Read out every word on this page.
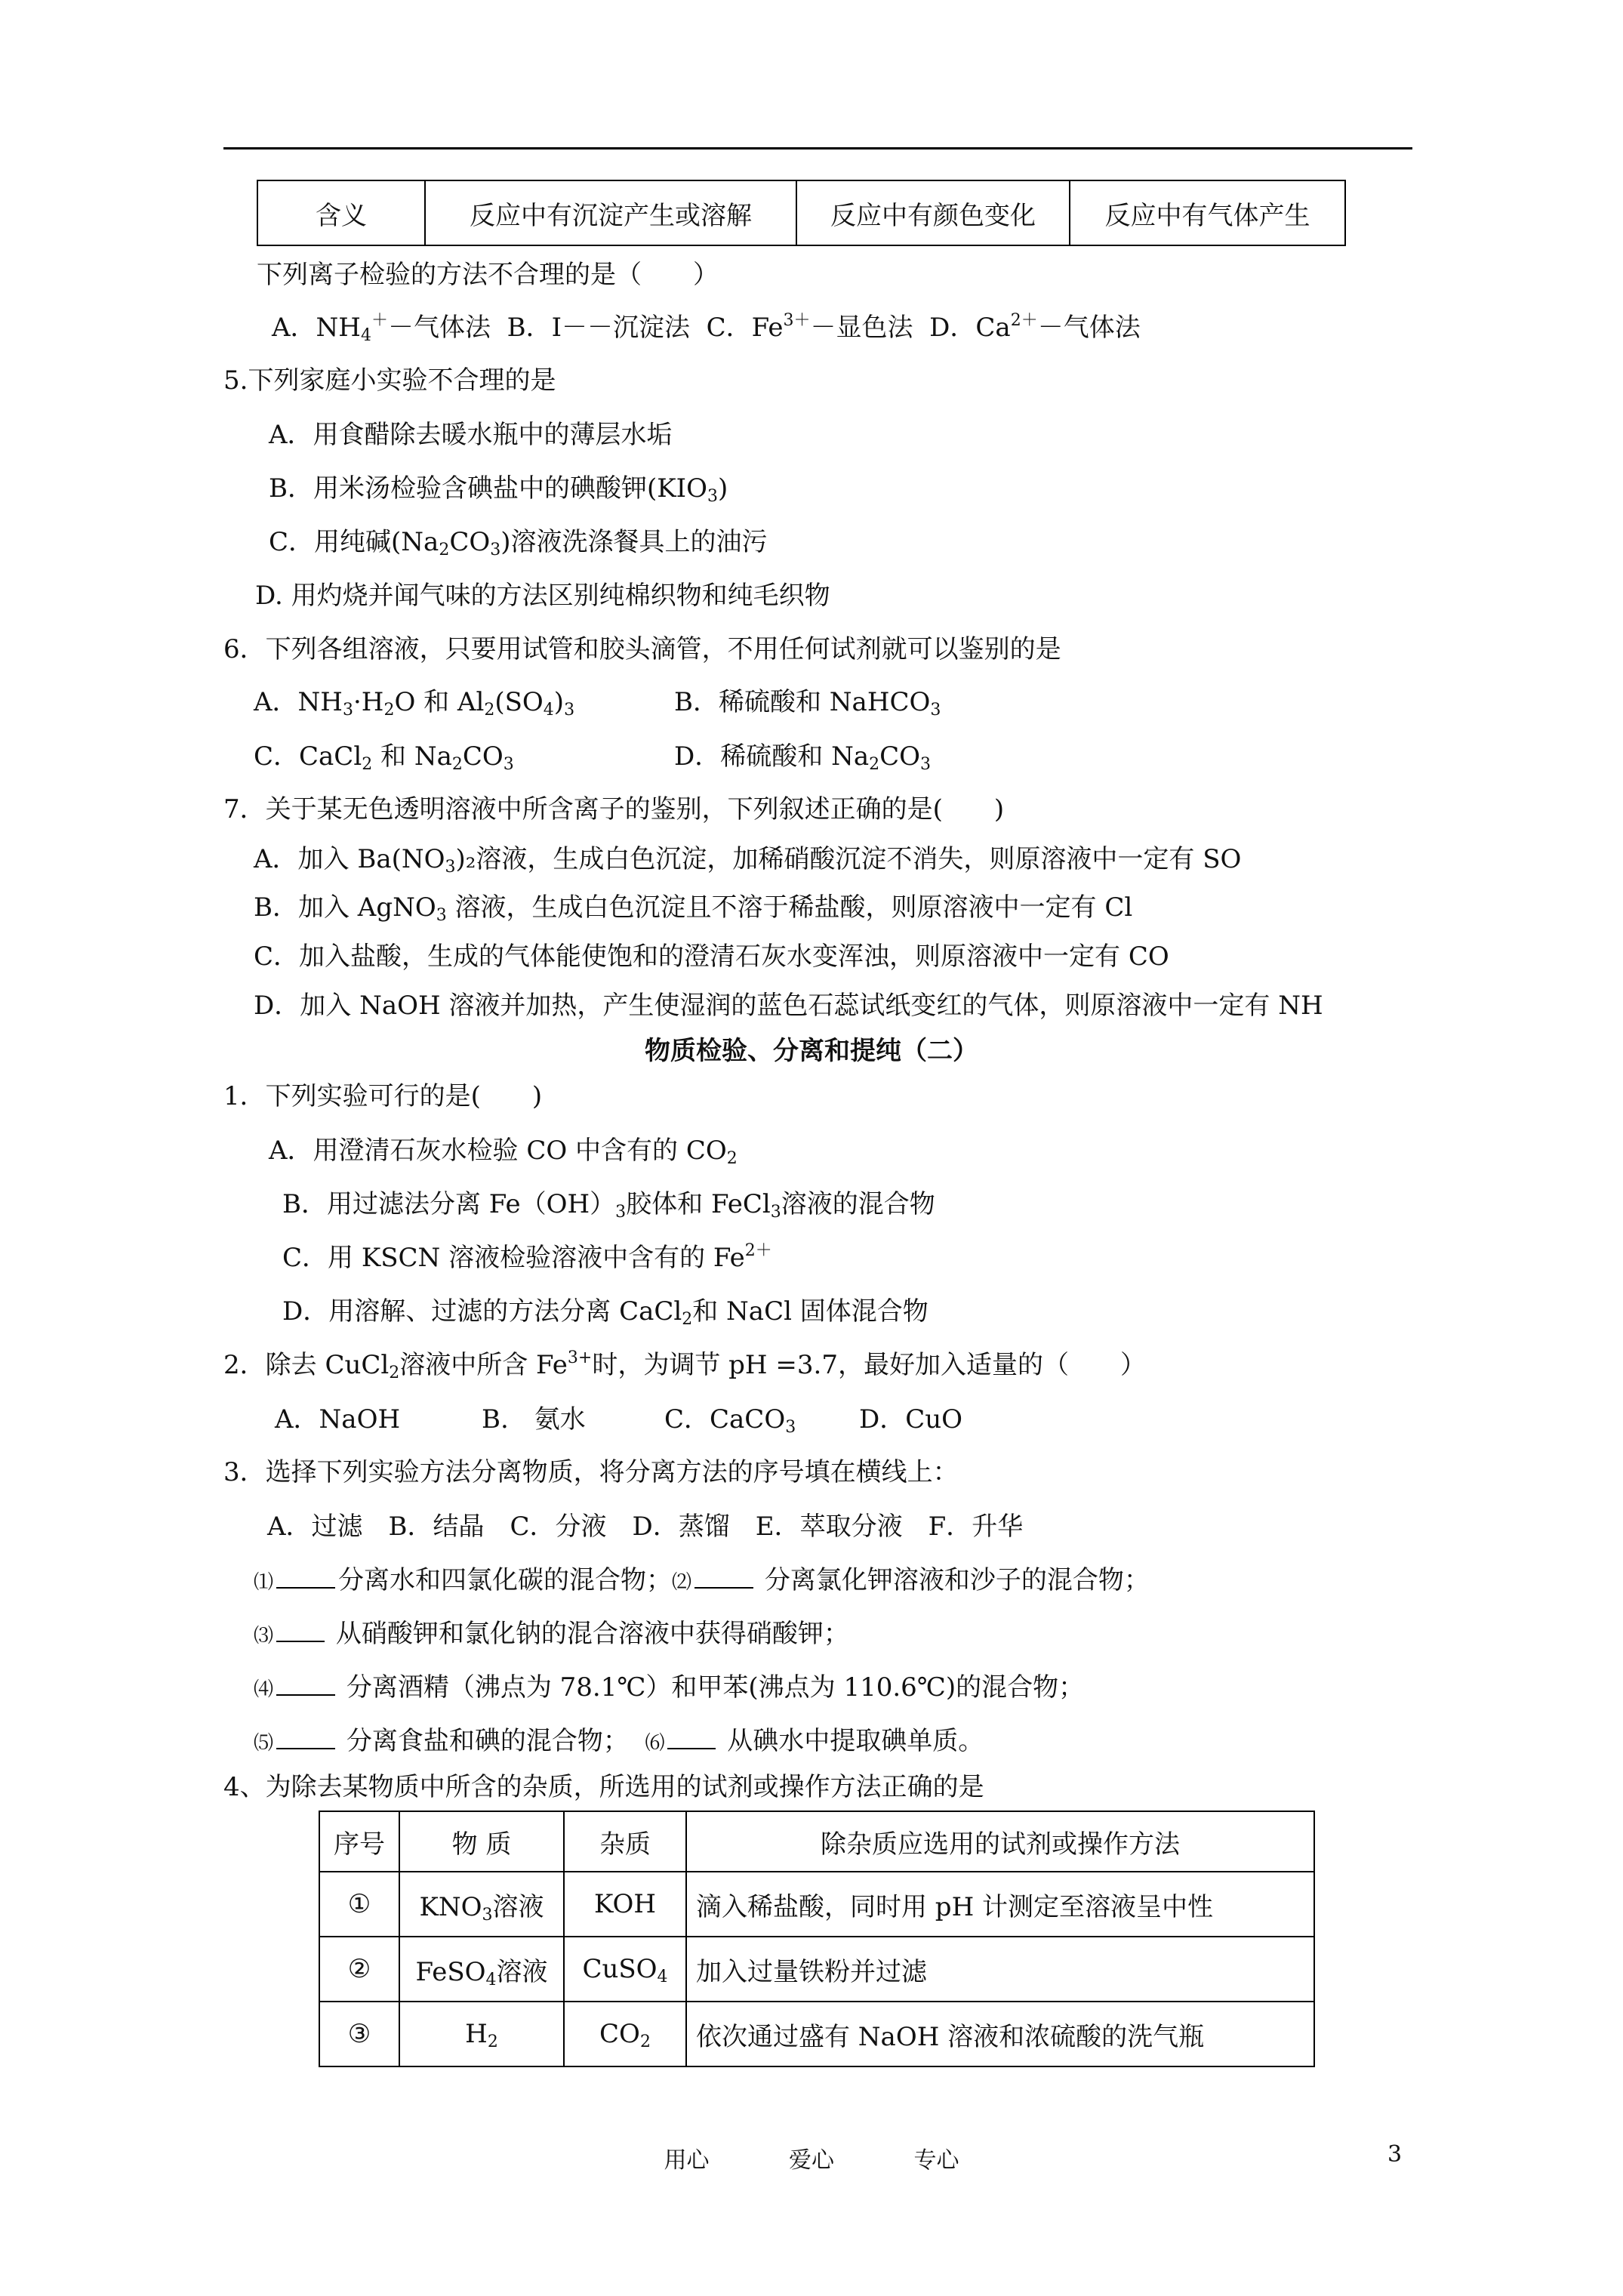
含义	反应中有沉淀产生或溶解	反应中有颜色变化	反应中有气体产生
下列离子检验的方法不合理的是（　　）
A．$NH_4^+-$气体法 B．I－－沉淀法 C．$Fe^{3+}-$显色法 D．$Ca^{2+}-$气体法
5.下列家庭小实验不合理的是
A．用食醋除去暖水瓶中的薄层水垢
B．用米汤检验含碘盐中的碘酸钾$(KIO_3)$
C．用纯碱$(Na_2CO_3)$溶液洗涤餐具上的油污
D. 用灼烧并闻气味的方法区别纯棉织物和纯毛织物
6．下列各组溶液，只要用试管和胶头滴管，不用任何试剂就可以鉴别的是
A．$NH_3\cdot H_2O$ 和 $Al_2(SO_4)_3$	B．稀硫酸和 NaHCO$_3$
C．CaCl$_2$ 和 $Na_2CO_3$	D．稀硫酸和 $Na_2CO_3$
7．关于某无色透明溶液中所含离子的鉴别，下列叙述正确的是(　　)
A．加入 $Ba(NO_3)_2$溶液，生成白色沉淀，加稀硝酸沉淀不消失，则原溶液中一定有 SO
B．加入 AgNO$_3$ 溶液，生成白色沉淀且不溶于稀盐酸，则原溶液中一定有 Cl
C．加入盐酸，生成的气体能使饱和的澄清石灰水变浑浊，则原溶液中一定有 CO
D．加入 NaOH 溶液并加热，产生使湿润的蓝色石蕊试纸变红的气体，则原溶液中一定有 NH
物质检验、分离和提纯（二）
1．下列实验可行的是(　　)
A．用澄清石灰水检验 CO 中含有的 $CO_2$
B．用过滤法分离 $Fe(OH)_3$胶体和 FeCl$_3$溶液的混合物
C．用 KSCN 溶液检验溶液中含有的 $Fe^{2+}$
D．用溶解、过滤的方法分离 CaCl$_2$和 NaCl 固体混合物
2．除去 CuCl$_2$溶液中所含 $Fe^{3+}$时，为调节 pH =3.7，最好加入适量的（　　）
A．NaOH	B.　氨水	C．CaCO$_3$ D．CuO
3．选择下列实验方法分离物质，将分离方法的序号填在横线上：
A．过滤　B．结晶　C．分液　D．蒸馏　E．萃取分液　F．升华
⑴	分离水和四氯化碳的混合物；⑵	分离氯化钾溶液和沙子的混合物；
⑶ 从硝酸钾和氯化钠的混合溶液中获得硝酸钾；
⑷	分离酒精（沸点为 78.1℃）和甲苯(沸点为 110.6℃)的混合物；
⑸	分离食盐和碘的混合物； ⑹ 从碘水中提取碘单质。
4、为除去某物质中所含的杂质，所选用的试剂或操作方法正确的是
序号	物 质	杂质	除杂质应选用的试剂或操作方法
①	$KNO_3$溶液	KOH	滴入稀盐酸，同时用 pH 计测定至溶液呈中性
②	FeSO$_4$溶液	CuSO$_4$	加入过量铁粉并过滤
③	$H_2$	$CO_2$	依次通过盛有 NaOH 溶液和浓硫酸的洗气瓶
用心	爱心	专心	3
